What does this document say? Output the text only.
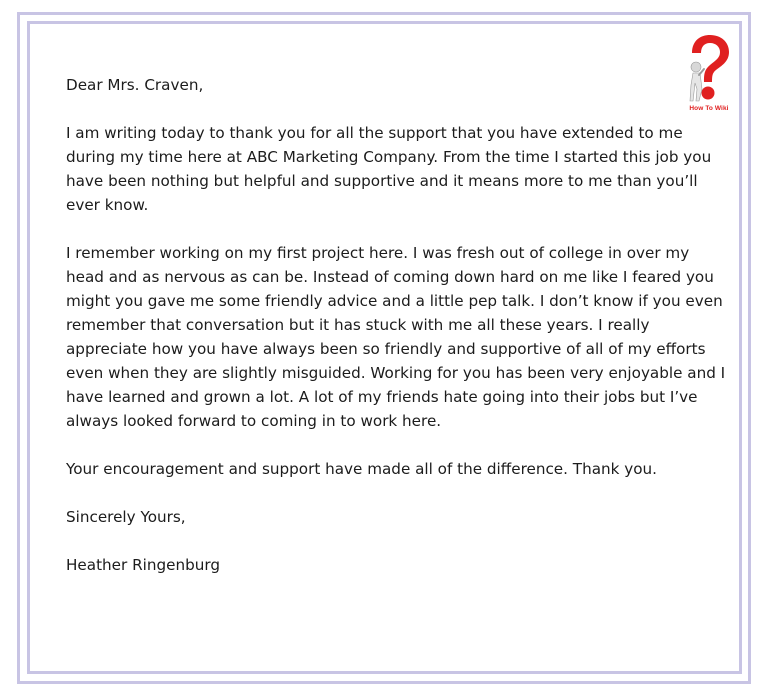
How To Wiki

Dear Mrs. Craven,

I am writing today to thank you for all the support that you have extended to me during my time here at ABC Marketing Company. From the time I started this job you have been nothing but helpful and supportive and it means more to me than you’ll ever know.

I remember working on my first project here. I was fresh out of college in over my head and as nervous as can be. Instead of coming down hard on me like I feared you might you gave me some friendly advice and a little pep talk. I don’t know if you even remember that conversation but it has stuck with me all these years. I really appreciate how you have always been so friendly and supportive of all of my efforts even when they are slightly misguided. Working for you has been very enjoyable and I have learned and grown a lot. A lot of my friends hate going into their jobs but I’ve always looked forward to coming in to work here.

Your encouragement and support have made all of the difference. Thank you.

Sincerely Yours,

Heather Ringenburg
